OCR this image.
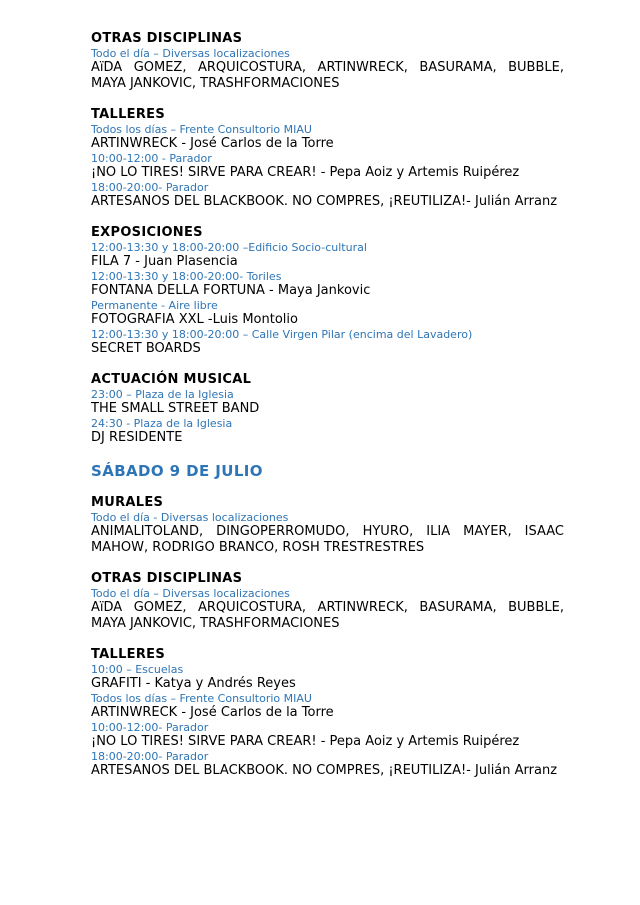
OTRAS DISCIPLINAS
Todo el día – Diversas localizaciones
AïDA GOMEZ, ARQUICOSTURA, ARTINWRECK, BASURAMA, BUBBLE, MAYA JANKOVIC, TRASHFORMACIONES
TALLERES
Todos los días – Frente Consultorio MIAU
ARTINWRECK - José Carlos de la Torre
10:00-12:00 - Parador
¡NO LO TIRES! SIRVE PARA CREAR! - Pepa Aoiz y Artemis Ruipérez
18:00-20:00- Parador
ARTESANOS DEL BLACKBOOK. NO COMPRES, ¡REUTILIZA!- Julián Arranz
EXPOSICIONES
12:00-13:30 y 18:00-20:00 –Edificio Socio-cultural
FILA 7 - Juan Plasencia
12:00-13:30 y 18:00-20:00- Toriles
FONTANA DELLA FORTUNA - Maya Jankovic
Permanente - Aire libre
FOTOGRAFIA XXL -Luis Montolio
12:00-13:30 y 18:00-20:00 – Calle Virgen Pilar (encima del Lavadero)
SECRET BOARDS
ACTUACIÓN MUSICAL
23:00 – Plaza de la Iglesia
THE SMALL STREET BAND
24:30 - Plaza de la Iglesia
DJ RESIDENTE
SÁBADO 9 DE JULIO
MURALES
Todo el día - Diversas localizaciones
ANIMALITOLAND, DINGOPERROMUDO, HYURO, ILIA MAYER, ISAAC MAHOW, RODRIGO BRANCO, ROSH TRESTRESTRES
OTRAS DISCIPLINAS
Todo el día – Diversas localizaciones
AïDA GOMEZ, ARQUICOSTURA, ARTINWRECK, BASURAMA, BUBBLE, MAYA JANKOVIC, TRASHFORMACIONES
TALLERES
10:00 – Escuelas
GRAFITI - Katya y Andrés Reyes
Todos los días – Frente Consultorio MIAU
ARTINWRECK - José Carlos de la Torre
10:00-12:00- Parador
¡NO LO TIRES! SIRVE PARA CREAR! - Pepa Aoiz y Artemis Ruipérez
18:00-20:00- Parador
ARTESANOS DEL BLACKBOOK. NO COMPRES, ¡REUTILIZA!- Julián Arranz
